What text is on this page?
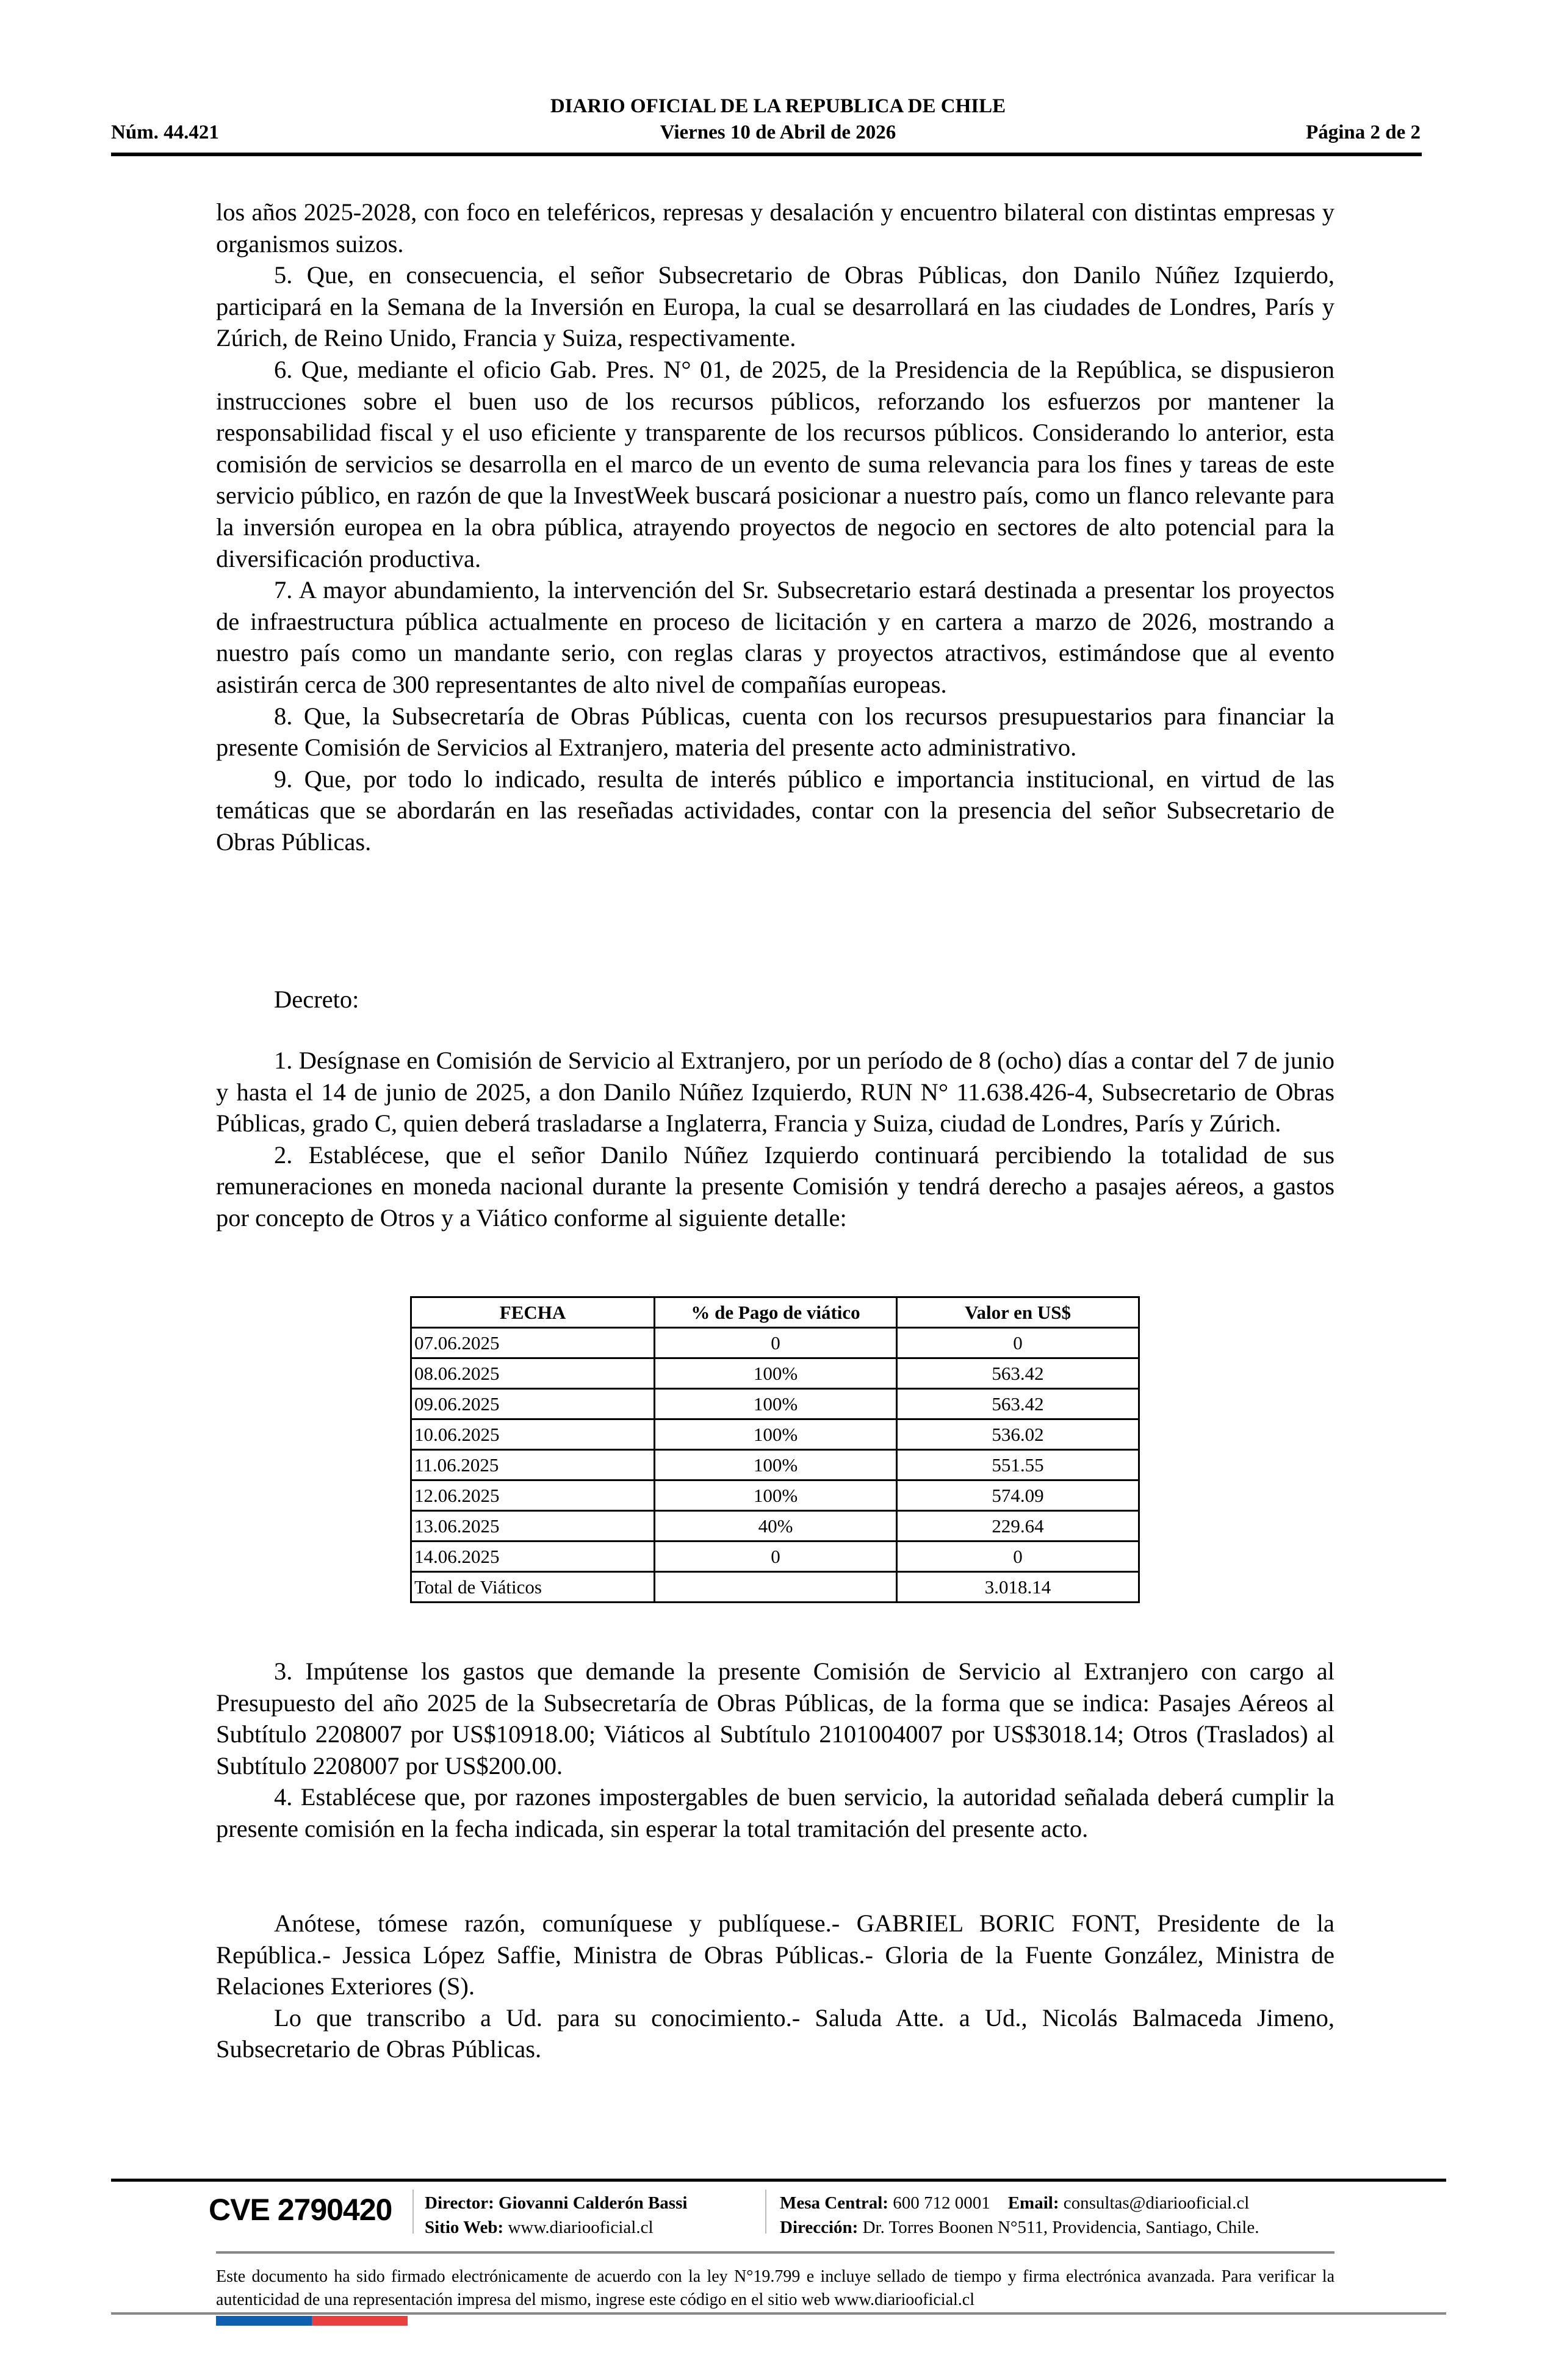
DIARIO OFICIAL DE LA REPUBLICA DE CHILE
Núm. 44.421	Viernes 10 de Abril de 2026	Página 2 de 2

los años 2025-2028, con foco en teleféricos, represas y desalación y encuentro bilateral con distintas empresas y organismos suizos.

5. Que, en consecuencia, el señor Subsecretario de Obras Públicas, don Danilo Núñez Izquierdo, participará en la Semana de la Inversión en Europa, la cual se desarrollará en las ciudades de Londres, París y Zúrich, de Reino Unido, Francia y Suiza, respectivamente.

6. Que, mediante el oficio Gab. Pres. N° 01, de 2025, de la Presidencia de la República, se dispusieron instrucciones sobre el buen uso de los recursos públicos, reforzando los esfuerzos por mantener la responsabilidad fiscal y el uso eficiente y transparente de los recursos públicos. Considerando lo anterior, esta comisión de servicios se desarrolla en el marco de un evento de suma relevancia para los fines y tareas de este servicio público, en razón de que la InvestWeek buscará posicionar a nuestro país, como un flanco relevante para la inversión europea en la obra pública, atrayendo proyectos de negocio en sectores de alto potencial para la diversificación productiva.

7. A mayor abundamiento, la intervención del Sr. Subsecretario estará destinada a presentar los proyectos de infraestructura pública actualmente en proceso de licitación y en cartera a marzo de 2026, mostrando a nuestro país como un mandante serio, con reglas claras y proyectos atractivos, estimándose que al evento asistirán cerca de 300 representantes de alto nivel de compañías europeas.

8. Que, la Subsecretaría de Obras Públicas, cuenta con los recursos presupuestarios para financiar la presente Comisión de Servicios al Extranjero, materia del presente acto administrativo.

9. Que, por todo lo indicado, resulta de interés público e importancia institucional, en virtud de las temáticas que se abordarán en las reseñadas actividades, contar con la presencia del señor Subsecretario de Obras Públicas.

Decreto:

1. Desígnase en Comisión de Servicio al Extranjero, por un período de 8 (ocho) días a contar del 7 de junio y hasta el 14 de junio de 2025, a don Danilo Núñez Izquierdo, RUN N° 11.638.426-4, Subsecretario de Obras Públicas, grado C, quien deberá trasladarse a Inglaterra, Francia y Suiza, ciudad de Londres, París y Zúrich.

2. Establécese, que el señor Danilo Núñez Izquierdo continuará percibiendo la totalidad de sus remuneraciones en moneda nacional durante la presente Comisión y tendrá derecho a pasajes aéreos, a gastos por concepto de Otros y a Viático conforme al siguiente detalle:

FECHA	% de Pago de viático	Valor en US$
07.06.2025	0	0
08.06.2025	100%	563.42
09.06.2025	100%	563.42
10.06.2025	100%	536.02
11.06.2025	100%	551.55
12.06.2025	100%	574.09
13.06.2025	40%	229.64
14.06.2025	0	0
Total de Viáticos		3.018.14

3. Impútense los gastos que demande la presente Comisión de Servicio al Extranjero con cargo al Presupuesto del año 2025 de la Subsecretaría de Obras Públicas, de la forma que se indica: Pasajes Aéreos al Subtítulo 2208007 por US$10918.00; Viáticos al Subtítulo 2101004007 por US$3018.14; Otros (Traslados) al Subtítulo 2208007 por US$200.00.

4. Establécese que, por razones impostergables de buen servicio, la autoridad señalada deberá cumplir la presente comisión en la fecha indicada, sin esperar la total tramitación del presente acto.

Anótese, tómese razón, comuníquese y publíquese.- GABRIEL BORIC FONT, Presidente de la República.- Jessica López Saffie, Ministra de Obras Públicas.- Gloria de la Fuente González, Ministra de Relaciones Exteriores (S).

Lo que transcribo a Ud. para su conocimiento.- Saluda Atte. a Ud., Nicolás Balmaceda Jimeno, Subsecretario de Obras Públicas.

CVE 2790420 Director: Giovanni Calderón Bassi
Sitio Web: www.diariooficial.cl
Mesa Central: 600 712 0001 Email: consultas@diariooficial.cl
Dirección: Dr. Torres Boonen N°511, Providencia, Santiago, Chile.
Este documento ha sido firmado electrónicamente de acuerdo con la ley N°19.799 e incluye sellado de tiempo y firma electrónica avanzada. Para verificar la autenticidad de una representación impresa del mismo, ingrese este código en el sitio web www.diariooficial.cl
